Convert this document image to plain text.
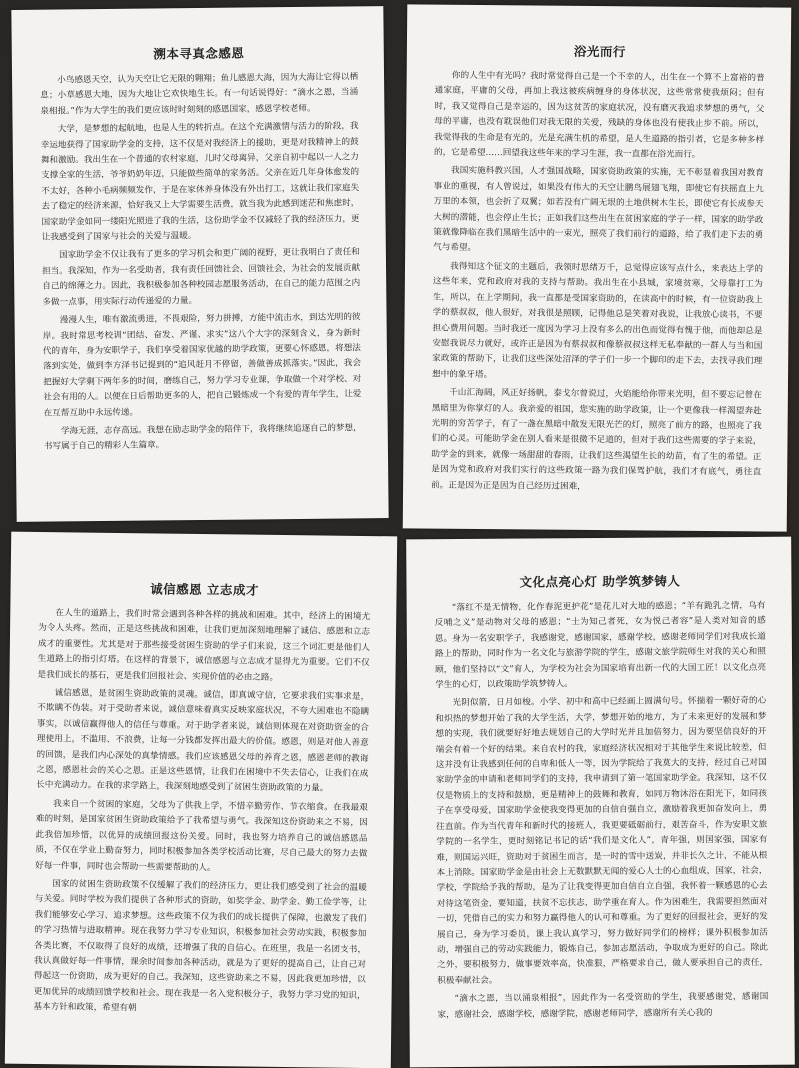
溯本寻真念感恩

小鸟感恩天空，认为天空让它无限的翱翔；鱼儿感恩大海，因为大海让它得以栖息；小草感恩大地，因为大地让它欢快地生长。有一句话说得好：“滴水之恩，当涌泉相报。”作为大学生的我们更应该时时刻刻的感恩国家，感恩学校老师。

大学，是梦想的起航地，也是人生的转折点。在这个充满激情与活力的阶段，我幸运地获得了国家助学金的支持，这不仅是对我经济上的援助，更是对我精神上的鼓舞和激励。我出生在一个普通的农村家庭，儿时父母离异，父亲自初中起以一人之力支撑全家的生活，爷爷奶奶年迈，只能做些简单的家务活。父亲在近几年身体愈发的不太好，各种小毛病频频发作，于是在家休养身体没有外出打工，这就让我们家庭失去了稳定的经济来源，恰好我又上大学需要生活费，就当我为此感到迷茫和焦虑时，国家助学金如同一缕阳光照进了我的生活，这份助学金不仅减轻了我的经济压力，更让我感受到了国家与社会的关爱与温暖。

国家助学金不仅让我有了更多的学习机会和更广阔的视野，更让我明白了责任和担当。我深知，作为一名受助者，我有责任回馈社会、回馈社会，为社会的发展贡献自己的绵薄之力。因此，我积极参加各种校园志愿服务活动，在自己的能力范围之内多做一点事，用实际行动传递爱的力量。

漫漫人生，唯有激流勇进，不畏艰险，努力拼搏，方能中流击水，到达光明的彼岸。我时常思考校训“团结、奋发、严谨、求实”这八个大字的深刻含义，身为新时代的青年，身为安职学子，我们享受着国家优越的助学政策，更要心怀感恩，将想法落到实处，做到李方泽书记提到的“追风赶月不停留，善做善成抓落实。”因此，我会把握好大学剩下两年多的时间，磨练自己，努力学习专业课，争取做一个对学校、对社会有用的人。以便在日后帮助更多的人，把自己锻炼成一个有爱的青年学生，让爱在互帮互助中永远传递。

学海无涯，志存高远。我想在励志助学金的陪伴下，我将继续追逐自己的梦想，书写属于自己的精彩人生篇章。

浴光而行

你的人生中有光吗？我时常觉得自己是一个不幸的人，出生在一个算不上富裕的普通家庭，平庸的父母，再加上我这被疾病缠身的身体状况，这些常常使我烦闷；但有时，我又觉得自己是幸运的，因为这贫苦的家庭状况，没有磨灭我追求梦想的勇气，父母的平庸，也没有耽误他们对我无限的关爱，残缺的身体也没有使我止步不前。所以，我觉得我的生命是有光的，光是充满生机的希望，是人生道路的指引者，它是多种多样的，它是希望……回望我这些年来的学习生涯，我一直都在浴光而行。

我国实施科教兴国，人才强国战略，国家资助政策的实施，无不彰显着我国对教育事业的重视，有人曾说过，如果没有伟大的天空让鹏鸟展翅飞翔，即使它有扶摇直上九万里的本领，也会折了双翼；如若没有广阔无垠的土地供树木生长，即使它有长成参天大树的潜能，也会停止生长；正如我们这些出生在贫困家庭的学子一样，国家的助学政策就像降临在我们黑暗生活中的一束光，照亮了我们前行的道路，给了我们走下去的勇气与希望。

我得知这个征文的主题后，我领时思绪万千，总觉得应该写点什么，来表达上学的这些年来，党和政府对我的支持与帮助。我出生在小县城，家境贫寒，父母靠打工为生，所以，在上学期间，我一直都是受国家资助的，在读高中的时候，有一位资助我上学的蔡叔叔，他人很好，对我很是照顾，记得他总是笑着对我说，让我放心读书，不要担心费用问题。当时我还一度因为学习上没有多么的出色而觉得有愧于他，而他却总是安慰我说尽力就好，或许正是因为有蔡叔叔和像蔡叔叔这样无私奉献的一群人与当和国家政策的帮助下，让我们这些深处沼泽的学子们一步一个脚印的走下去，去找寻我们理想中的象牙塔。

千山汇海阔，风正好扬帆，泰戈尔曾说过，火焰能给你带来光明，但不要忘记曾在黑暗里为你掌灯的人。我亲爱的祖国，您实施的助学政策，让一个更像我一样渴望奔赴光明的穷苦学子，有了一盏在黑暗中散发无限光芒的灯，照亮了前方的路，也照亮了我们的心灵。可能助学金在别人看来是很微不足道的，但对于我们这些需要的学子来说，助学金的到来，就像一场甜甜的春雨，让我们这些渴望生长的幼苗，有了生的希望。正是因为党和政府对我们实行的这些政策一路为我们保驾护航，我们才有底气，勇往直前。正是因为正是因为自己经历过困难，

诚信感恩 立志成才

在人生的道路上，我们时常会遇到各种各样的挑战和困难。其中，经济上的困境尤为令人头疼。然而，正是这些挑战和困难，让我们更加深刻地理解了诚信、感恩和立志成才的重要性。尤其是对于那些接受贫困生资助的学子们来说，这三个词汇更是他们人生道路上的指引灯塔。在这样的背景下，诚信感恩与立志成才显得尤为重要。它们不仅是我们成长的基石，更是我们回报社会、实现价值的必由之路。

诚信感恩，是贫困生资助政策的灵魂。诚信，即真诚守信，它要求我们实事求是，不欺瞒不伪装。对于受助者来说，诚信意味着真实反映家庭状况，不夸大困难也不隐瞒事实，以诚信赢得他人的信任与尊重。对于助学者来说，诚信则体现在对资助资金的合理使用上，不滥用、不浪费，让每一分钱都发挥出最大的价值。感恩，则是对他人善意的回馈，是我们内心深处的真挚情感。我们应该感恩父母的养育之恩，感恩老师的教诲之恩，感恩社会的关心之恩。正是这些恩情，让我们在困境中不失去信心，让我们在成长中充满动力。在我的求学路上，我深刻地感受到了贫困生资助政策的力量。

我来自一个贫困的家庭，父母为了供我上学，不惜辛勤劳作、节衣缩食。在我最艰难的时刻，是国家贫困生资助政策给予了我希望与勇气。我深知这份资助来之不易，因此我倍加珍惜，以优异的成绩回报这份关爱。同时，我也努力培养自己的诚信感恩品质，不仅在学业上勤奋努力，同时积极参加各类学校活动比赛，尽自己最大的努力去做好每一件事，同时也会帮助一些需要帮助的人。

国家的贫困生资助政策不仅缓解了我们的经济压力，更让我们感受到了社会的温暖与关爱。同时学校为我们提供了各种形式的资助，如奖学金、助学金、勤工俭学等，让我们能够安心学习、追求梦想。这些政策不仅为我们的成长提供了保障，也激发了我们的学习热情与进取精神。现在我努力学习专业知识，积极参加社会劳动实践，积极参加各类比赛，不仅取得了良好的成绩，还增强了我的自信心。在班里，我是一名团支书，我认真做好每一件事情，课余时间参加各种活动，就是为了更好的提高自己，让自己对得起这一份资助，成为更好的自己。我深知，这些资助来之不易，因此我更加珍惜，以更加优异的成绩回馈学校和社会。现在我是一名入党积极分子，我努力学习党的知识，基本方针和政策，希望有朝

文化点亮心灯 助学筑梦铸人

“落红不是无情物，化作春泥更护花”是花儿对大地的感恩；“羊有跪乳之情，乌有反哺之义”是动物对父母的感恩；“士为知己者死，女为悦己者容”是人类对知音的感恩。身为一名安职学子，我感谢党，感谢国家，感谢学校，感谢老师同学们对我成长道路上的帮助，同时作为一名文化与旅游学院的学生，感谢文旅学院师生对我的关心和照顾，他们坚持以“文”育人，为学校为社会为国家培育出新一代的大国工匠！以文化点亮学生的心灯，以政策助学筑梦铸人。

光阴似箭，日月如梭。小学、初中和高中已经画上圆满句号。怀揣着一颗好奇的心和炽热的梦想开始了我的大学生活，大学，梦想开始的地方，为了未来更好的发展和梦想的实现，我们就要好好地去规划自己的大学时光并且加倍努力，因为要坚信良好的开端会有着一个好的结果。来自农村的我，家庭经济状况相对于其他学生来说比较差，但这并没有让我感到任何的自卑和低人一等，因为学院给了我莫大的支持，经过自己对国家助学金的申请和老师同学们的支持，我申请到了第一笔国家助学金。我深知，这不仅仅是物质上的支持和鼓励，更是精神上的鼓舞和教育，如同万物沐浴在阳光下，如同孩子在享受母爱，国家助学金使我变得更加的自信自强自立，激励着我更加奋发向上，勇往直前。作为当代青年和新时代的接班人，我更要砥砺前行，艰苦奋斗，作为安职文旅学院的一名学生，更时刻铭记书记的话“我们是文化人”，青年强，则国家强，国家有难，则国运兴旺，资助对于贫困生而言，是一时的雪中送炭，并非长久之计，不能从根本上消除。国家助学金是由社会上无数默默无闻的爱心人士的心血组成，国家，社会，学校，学院给予我的帮助，是为了让我变得更加自信自立自强，我怀着一颗感恩的心去对待这笔资金，要知道，扶贫不忘扶志，助学重在育人。作为困难生，我需要担然面对一切，凭借自己的实力和努力赢得他人的认可和尊重。为了更好的回报社会，更好的发展自己，身为学习委员，课上我认真学习，努力做好同学们的榜样；课外积极参加活动，增强自己的劳动实践能力，锻炼自己，参加志愿活动，争取成为更好的自己。除此之外，要积极努力，做事要效率高，快准狠，严格要求自己，做人要承担自己的责任，积极奉献社会。

“滴水之恩，当以涌泉相报”，因此作为一名受资助的学生，我要感谢党，感谢国家，感谢社会，感谢学校，感谢学院，感谢老师同学，感谢所有关心我的
